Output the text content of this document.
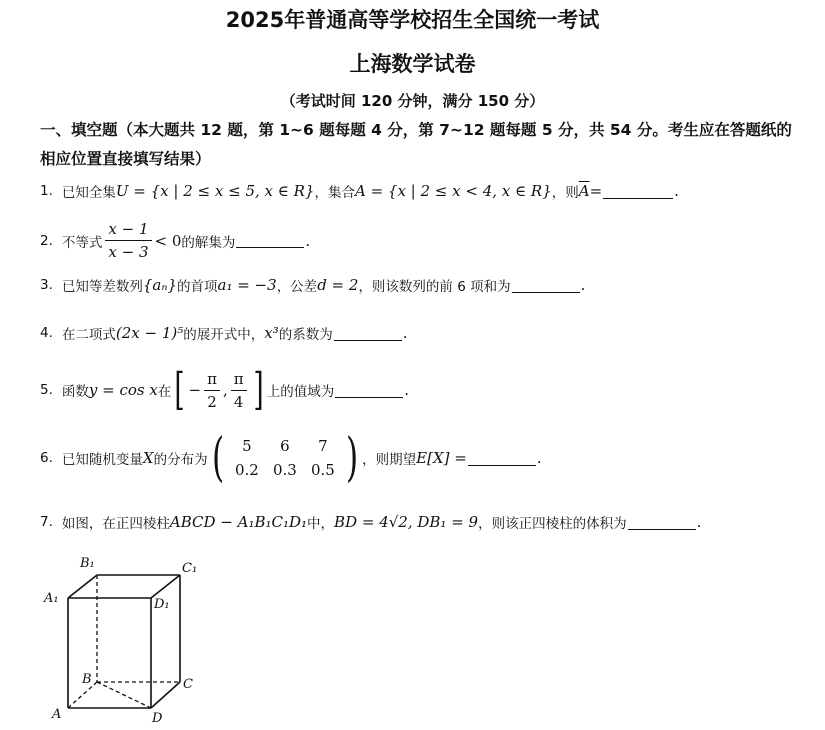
2025年普通高等学校招生全国统一考试
上海数学试卷
（考试时间 120 分钟，满分 150 分）
一、填空题（本大题共 12 题，第 1~6 题每题 4 分，第 7~12 题每题 5 分，共 54 分。考生应在答题纸的相应位置直接填写结果）
1. 已知全集 U = {x | 2 ≤ x ≤ 5, x ∈ R} ，集合 A = {x | 2 ≤ x < 4, x ∈ R} ，则 $\overline{A}$ =	.
2. 不等式 $\frac{x - 1}{x - 3} < 0$ 的解集为	.
3. 已知等差数列 {aₙ} 的首项 a₁ = −3 ，公差 d = 2 ，则该数列的前 6 项和为	.
4. 在二项式 (2x − 1)⁵ 的展开式中， x³ 的系数为	.
5. 函数 y = cos x 在 [ − $\frac{\pi}{2}$ , $\frac{\pi}{4}$ ] 上的值域为	.
6. 已知随机变量 X 的分布为 (	5	6	7
0.2 0.3 0.5 ) ，则期望 E[X] =	.
7. 如图，在正四棱柱 ABCD − A₁B₁C₁D₁ 中， BD = 4√2, DB₁ = 9 ，则该正四棱柱的体积为	.
B₁	C₁
A₁	D₁
B	C
A	D
